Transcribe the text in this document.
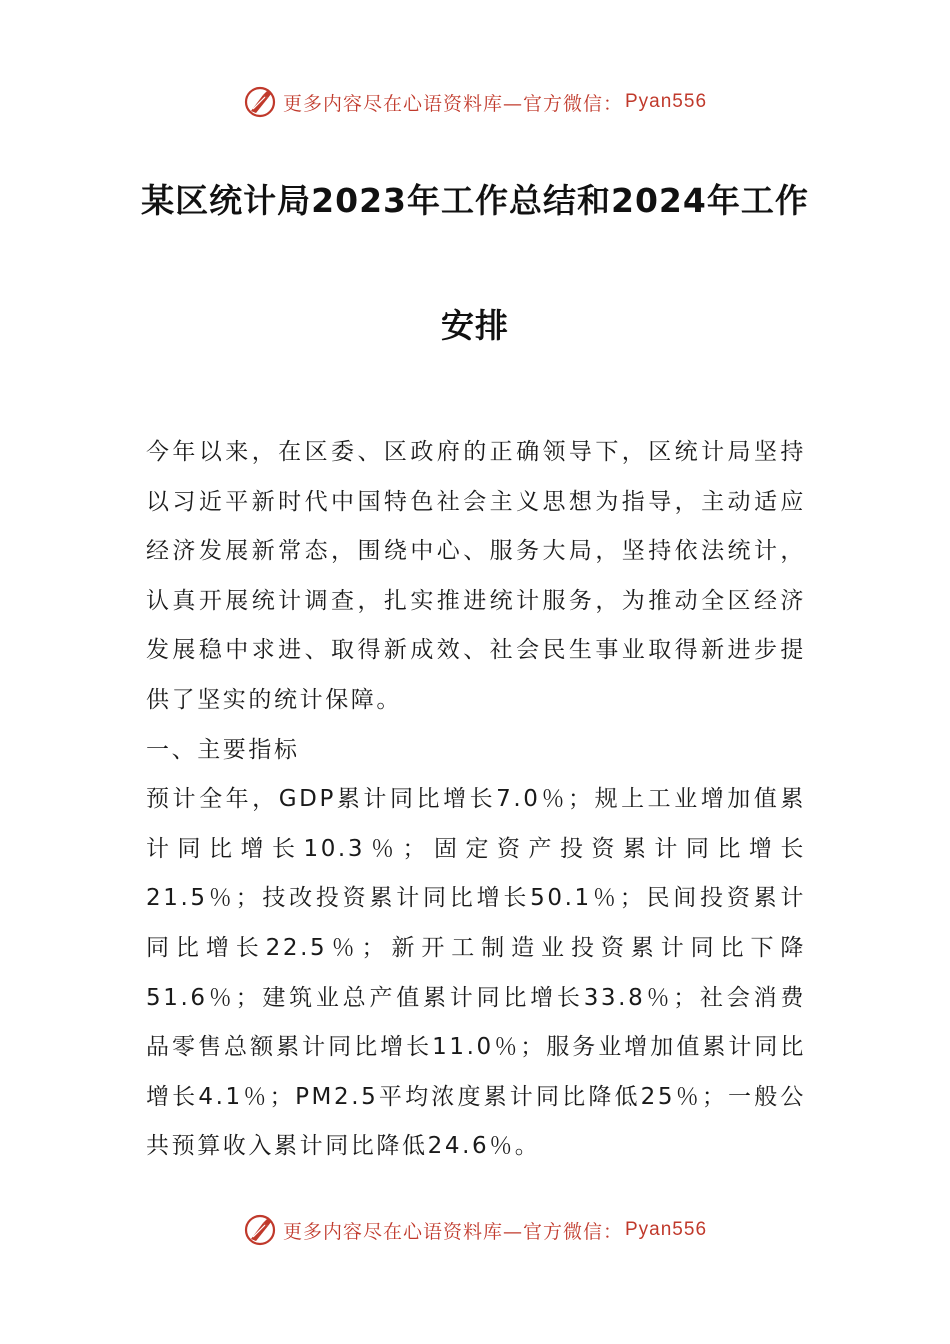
更多内容尽在心语资料库—官方微信： Pyan556
某区统计局2023年工作总结和2024年工作
安排

今年以来，在区委、区政府的正确领导下，区统计局坚持以习近平新时代中国特色社会主义思想为指导，主动适应经济发展新常态，围绕中心、服务大局，坚持依法统计，认真开展统计调查，扎实推进统计服务，为推动全区经济发展稳中求进、取得新成效、社会民生事业取得新进步提供了坚实的统计保障。

一、主要指标

预计全年，GDP累计同比增长7.0％；规上工业增加值累计同比增长10.3％；固定资产投资累计同比增长21.5％；技改投资累计同比增长50.1％；民间投资累计同比增长22.5％；新开工制造业投资累计同比下降51.6％；建筑业总产值累计同比增长33.8％；社会消费品零售总额累计同比增长11.0％；服务业增加值累计同比增长4.1％；PM2.5平均浓度累计同比降低25％；一般公共预算收入累计同比降低24.6％。

更多内容尽在心语资料库—官方微信： Pyan556
